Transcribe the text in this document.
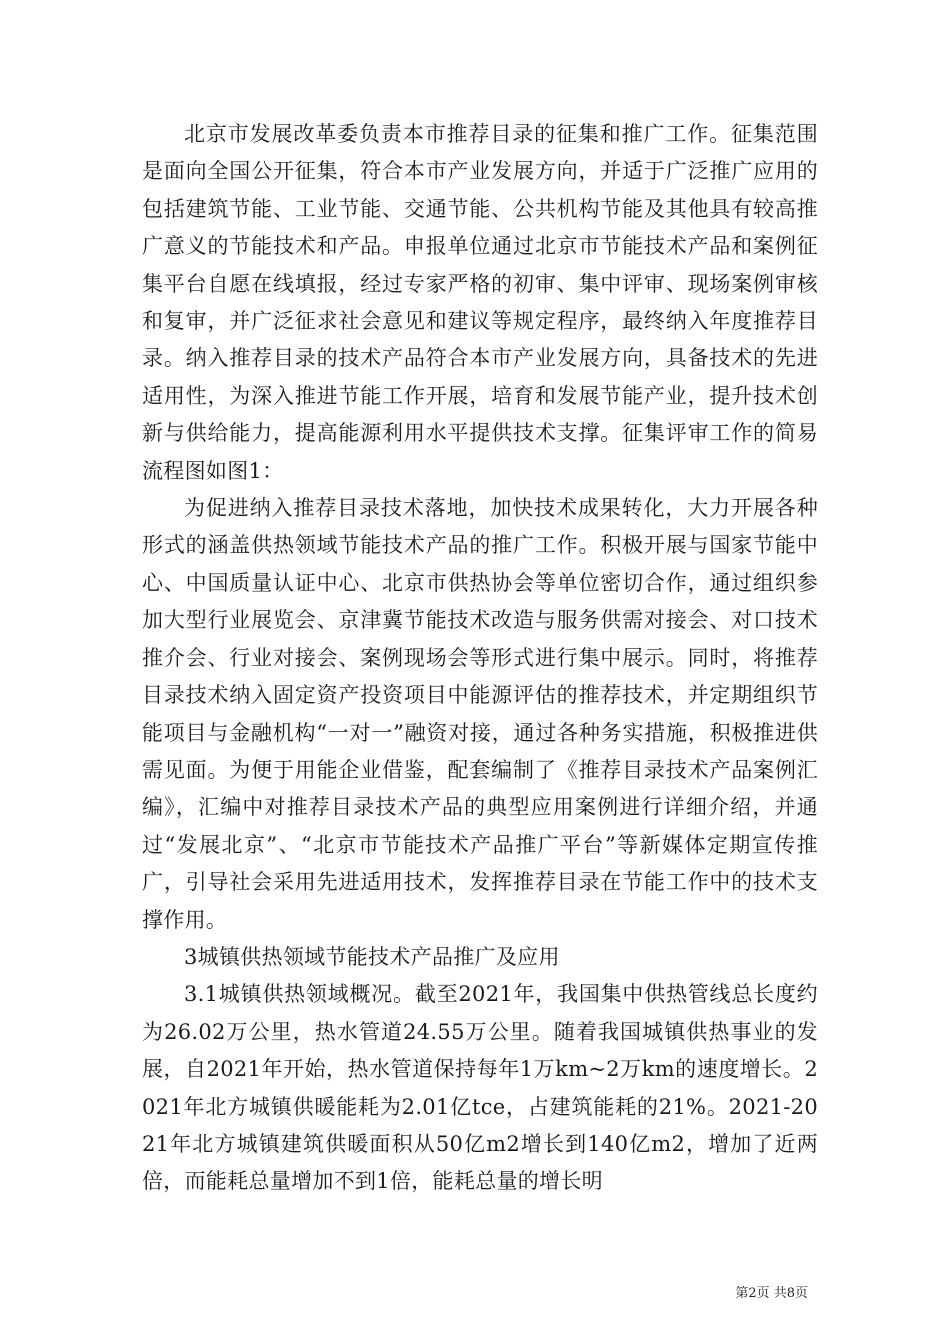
北京市发展改革委负责本市推荐目录的征集和推广工作。征集范围是面向全国公开征集，符合本市产业发展方向，并适于广泛推广应用的包括建筑节能、工业节能、交通节能、公共机构节能及其他具有较高推广意义的节能技术和产品。申报单位通过北京市节能技术产品和案例征集平台自愿在线填报，经过专家严格的初审、集中评审、现场案例审核和复审，并广泛征求社会意见和建议等规定程序，最终纳入年度推荐目录。纳入推荐目录的技术产品符合本市产业发展方向，具备技术的先进适用性，为深入推进节能工作开展，培育和发展节能产业，提升技术创新与供给能力，提高能源利用水平提供技术支撑。征集评审工作的简易流程图如图1：

为促进纳入推荐目录技术落地，加快技术成果转化，大力开展各种形式的涵盖供热领域节能技术产品的推广工作。积极开展与国家节能中心、中国质量认证中心、北京市供热协会等单位密切合作，通过组织参加大型行业展览会、京津冀节能技术改造与服务供需对接会、对口技术推介会、行业对接会、案例现场会等形式进行集中展示。同时，将推荐目录技术纳入固定资产投资项目中能源评估的推荐技术，并定期组织节能项目与金融机构“一对一”融资对接，通过各种务实措施，积极推进供需见面。为便于用能企业借鉴，配套编制了《推荐目录技术产品案例汇编》，汇编中对推荐目录技术产品的典型应用案例进行详细介绍，并通过“发展北京”、“北京市节能技术产品推广平台”等新媒体定期宣传推广，引导社会采用先进适用技术，发挥推荐目录在节能工作中的技术支撑作用。

3城镇供热领域节能技术产品推广及应用

3.1城镇供热领域概况。截至2021年，我国集中供热管线总长度约为26.02万公里，热水管道24.55万公里。随着我国城镇供热事业的发展，自2021年开始，热水管道保持每年1万km~2万km的速度增长。2021年北方城镇供暖能耗为2.01亿tce，占建筑能耗的21%。2021-2021年北方城镇建筑供暖面积从50亿m2增长到140亿m2，增加了近两倍，而能耗总量增加不到1倍，能耗总量的增长明

第2页 共8页
